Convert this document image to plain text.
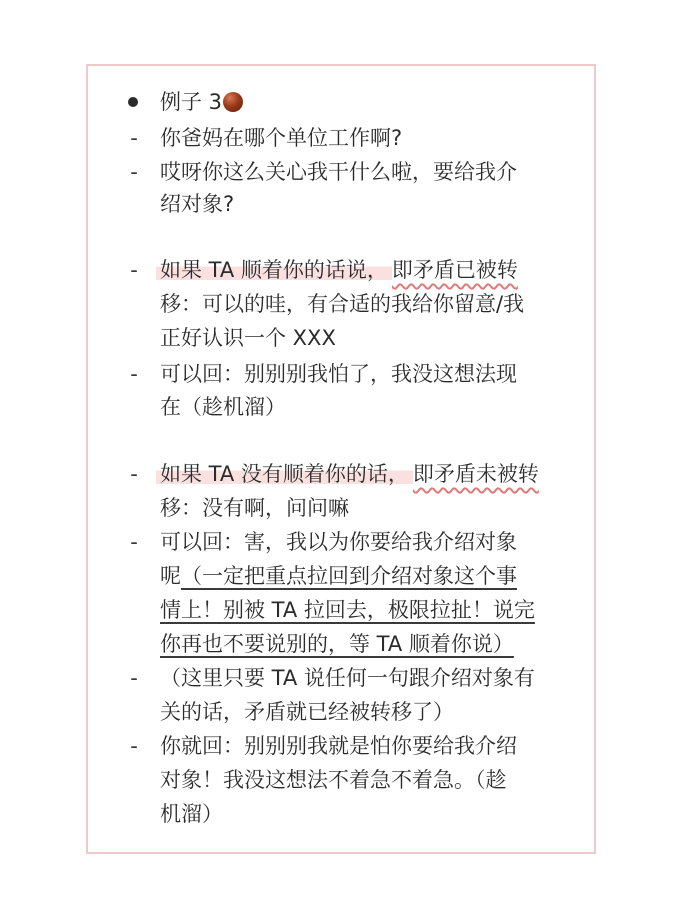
例子 3
- 你爸妈在哪个单位工作啊?
- 哎呀你这么关心我干什么啦，要给我介
绍对象?
- 如果 TA 顺着你的话说， 即矛盾已被转
移：可以的哇，有合适的我给你留意/我
正好认识一个 XXX
- 可以回：别别别我怕了，我没这想法现
在（趁机溜）
- 如果 TA 没有顺着你的话， 即矛盾未被转
移：没有啊，问问嘛
- 可以回：害，我以为你要给我介绍对象
呢（一定把重点拉回到介绍对象这个事
情上！别被 TA 拉回去，极限拉扯！说完
你再也不要说别的，等 TA 顺着你说）
- （这里只要 TA 说任何一句跟介绍对象有
关的话，矛盾就已经被转移了）
- 你就回：别别别我就是怕你要给我介绍
对象！我没这想法不着急不着急。（趁
机溜）
